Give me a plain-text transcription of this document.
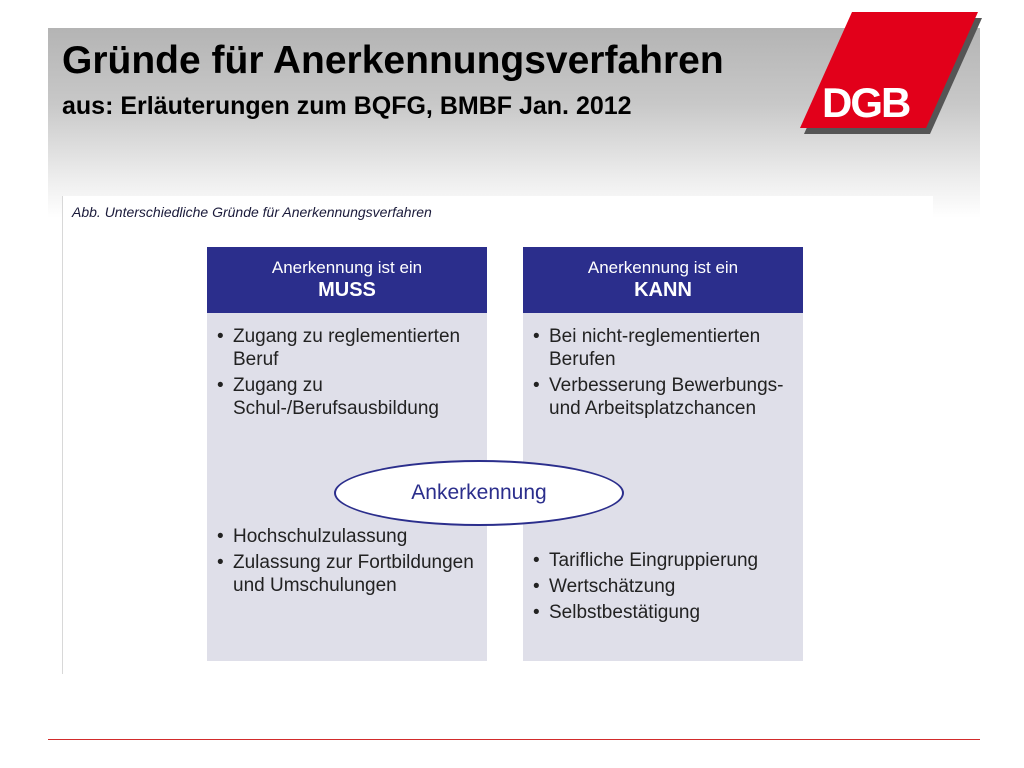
Gründe für Anerkennungsverfahren
aus: Erläuterungen zum BQFG, BMBF Jan. 2012	DGB
Abb. Unterschiedliche Gründe für Anerkennungsverfahren
Anerkennung ist ein
MUSS
• Zugang zu reglementierten Beruf
• Zugang zu Schul-/Berufsausbildung
• Hochschulzulassung
• Zulassung zur Fortbildungen und Umschulungen
Anerkennung ist ein
KANN
• Bei nicht-reglementierten Berufen
• Verbesserung Bewerbungs- und Arbeitsplatzchancen
• Tarifliche Eingruppierung
• Wertschätzung
• Selbstbestätigung
Ankerkennung
